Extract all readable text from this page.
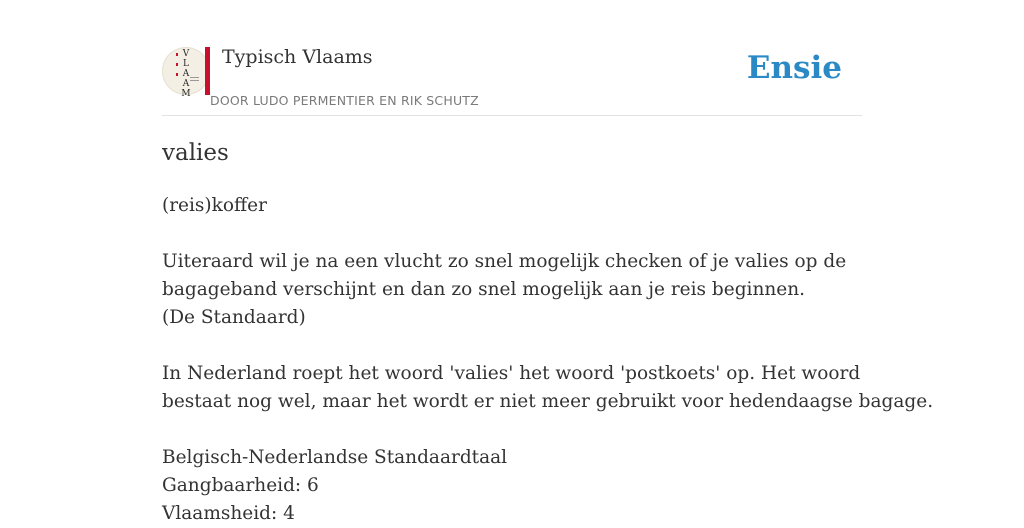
V
L
A
A
M
Typisch Vlaams
DOOR LUDO PERMENTIER EN RIK SCHUTZ
Ensie
valies
(reis)koffer
Uiteraard wil je na een vlucht zo snel mogelijk checken of je valies op de
bagageband verschijnt en dan zo snel mogelijk aan je reis beginnen.
(De Standaard)
In Nederland roept het woord 'valies' het woord 'postkoets' op. Het woord
bestaat nog wel, maar het wordt er niet meer gebruikt voor hedendaagse bagage.
Belgisch-Nederlandse Standaardtaal
Gangbaarheid: 6
Vlaamsheid: 4
